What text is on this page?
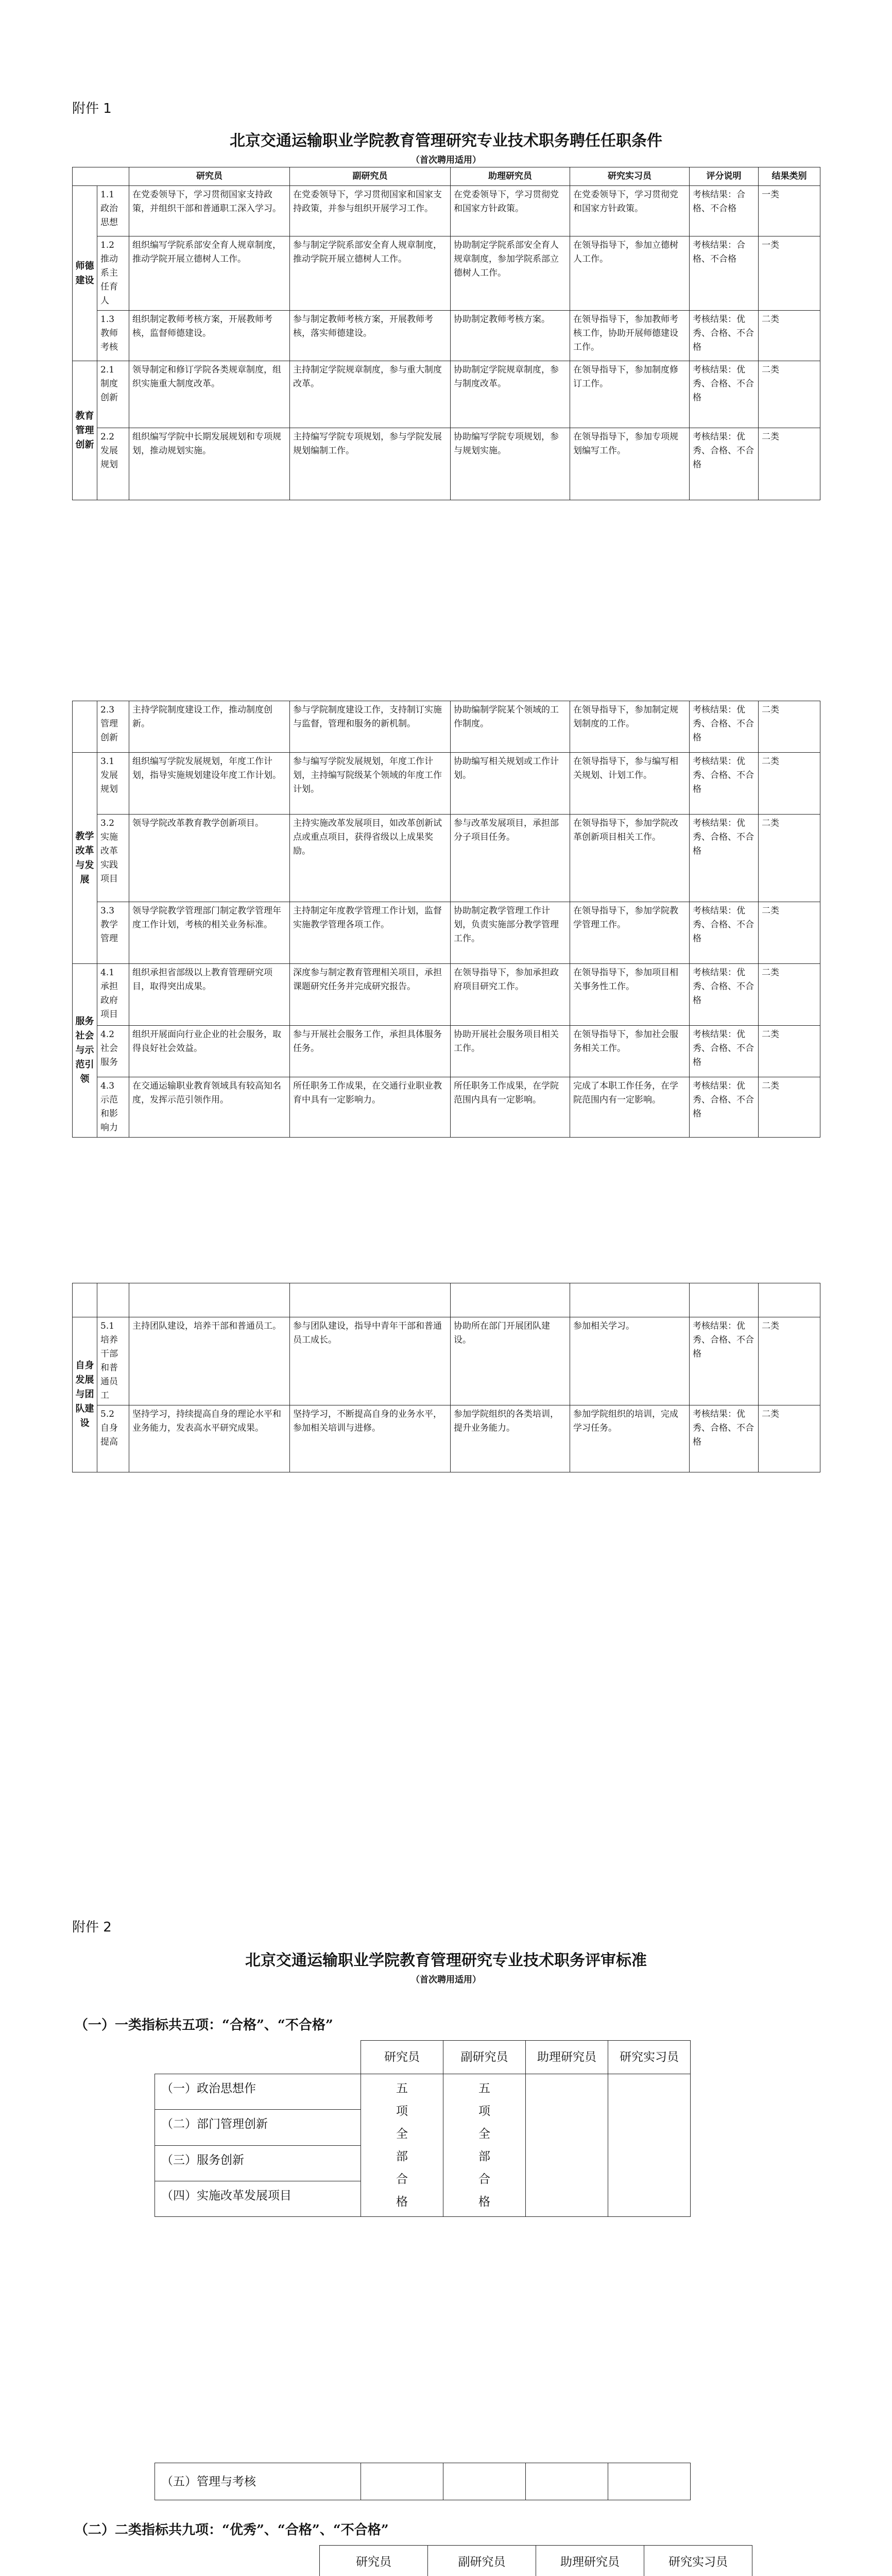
附件 1
北京交通运输职业学院教育管理研究专业技术职务聘任任职条件
（首次聘用适用）
		研究员	副研究员	助理研究员	研究实习员	评分说明	结果类别
师德建设	1.1 政治思想	在党委领导下，学习贯彻国家支持政策，并组织干部和普通职工深入学习。	在党委领导下，学习贯彻国家和国家支持政策，并参与组织开展学习工作。	在党委领导下，学习贯彻党和国家方针政策。	在党委领导下，学习贯彻党和国家方针政策。	考核结果：合格、不合格	一类
	1.2 推动系主任育人	组织编写学院系部安全育人规章制度，推动学院开展立德树人工作。	参与制定学院系部安全育人规章制度，推动学院开展立德树人工作。	协助制定学院系部安全育人规章制度，参加学院系部立德树人工作。	在领导指导下，参加立德树人工作。	考核结果：合格、不合格	一类
	1.3 教师考核	组织制定教师考核方案，开展教师考核，监督师德建设。	参与制定教师考核方案，开展教师考核，落实师德建设。	协助制定教师考核方案。	在领导指导下，参加教师考核工作，协助开展师德建设工作。	考核结果：优秀、合格、不合格	二类
教育管理创新	2.1 制度创新	领导制定和修订学院各类规章制度，组织实施重大制度改革。	主持制定学院规章制度，参与重大制度改革。	协助制定学院规章制度，参与制度改革。	在领导指导下，参加制度修订工作。	考核结果：优秀、合格、不合格	二类
	2.2 发展规划	组织编写学院中长期发展规划和专项规划，推动规划实施。	主持编写学院专项规划，参与学院发展规划编制工作。	协助编写学院专项规划，参与规划实施。	在领导指导下，参加专项规划编写工作。	考核结果：优秀、合格、不合格	二类
	2.3 管理创新	主持学院制度建设工作，推动制度创新。	参与学院制度建设工作，支持制订实施与监督，管理和服务的新机制。	协助编制学院某个领域的工作制度。	在领导指导下，参加制定规划制度的工作。	考核结果：优秀、合格、不合格	二类
教学改革与发展	3.1 发展规划	组织编写学院发展规划，年度工作计划，指导实施规划建设年度工作计划。	参与编写学院发展规划，年度工作计划，主持编写院级某个领域的年度工作计划。	协助编写相关规划或工作计划。	在领导指导下，参与编写相关规划、计划工作。	考核结果：优秀、合格、不合格	二类
	3.2 实施改革实践项目	领导学院改革教育教学创新项目。	主持实施改革发展项目，如改革创新试点或重点项目，获得省级以上成果奖励。	参与改革发展项目，承担部分子项目任务。	在领导指导下，参加学院改革创新项目相关工作。	考核结果：优秀、合格、不合格	二类
	3.3 教学管理	领导学院教学管理部门制定教学管理年度工作计划，考核的相关业务标准。	主持制定年度教学管理工作计划，监督实施教学管理各项工作。	协助制定教学管理工作计划，负责实施部分教学管理工作。	在领导指导下，参加学院教学管理工作。	考核结果：优秀、合格、不合格	二类
服务社会与示范引领	4.1 承担政府项目	组织承担省部级以上教育管理研究项目，取得突出成果。	深度参与制定教育管理相关项目，承担课题研究任务并完成研究报告。	在领导指导下，参加承担政府项目研究工作。	在领导指导下，参加项目相关事务性工作。	考核结果：优秀、合格、不合格	二类
	4.2 社会服务	组织开展面向行业企业的社会服务，取得良好社会效益。	参与开展社会服务工作，承担具体服务任务。	协助开展社会服务项目相关工作。	在领导指导下，参加社会服务相关工作。	考核结果：优秀、合格、不合格	二类
	4.3 示范和影响力	在交通运输职业教育领域具有较高知名度，发挥示范引领作用。	所任职务工作成果，在交通行业职业教育中具有一定影响力。	所任职务工作成果，在学院范围内具有一定影响。	完成了本职工作任务，在学院范围内有一定影响。	考核结果：优秀、合格、不合格	二类

自身发展与团队建设	5.1 培养干部和普通员工	主持团队建设，培养干部和普通员工。	参与团队建设，指导中青年干部和普通员工成长。	协助所在部门开展团队建设。	参加相关学习。	考核结果：优秀、合格、不合格	二类
	5.2 自身提高	坚持学习，持续提高自身的理论水平和业务能力，发表高水平研究成果。	坚持学习，不断提高自身的业务水平，参加相关培训与进修。	参加学院组织的各类培训，提升业务能力。	参加学院组织的培训，完成学习任务。	考核结果：优秀、合格、不合格	二类
附件 2
北京交通运输职业学院教育管理研究专业技术职务评审标准
（首次聘用适用）
（一）一类指标共五项：“合格”、“不合格”
	研究员	副研究员	助理研究员	研究实习员
（一）政治思想作	五项全部合格	五项全部合格		
（二）部门管理创新				
（三）服务创新				
（四）实施改革发展项目				
（五）管理与考核				
（二）二类指标共九项：“优秀”、“合格”、“不合格”
	研究员	副研究员	助理研究员	研究实习员
